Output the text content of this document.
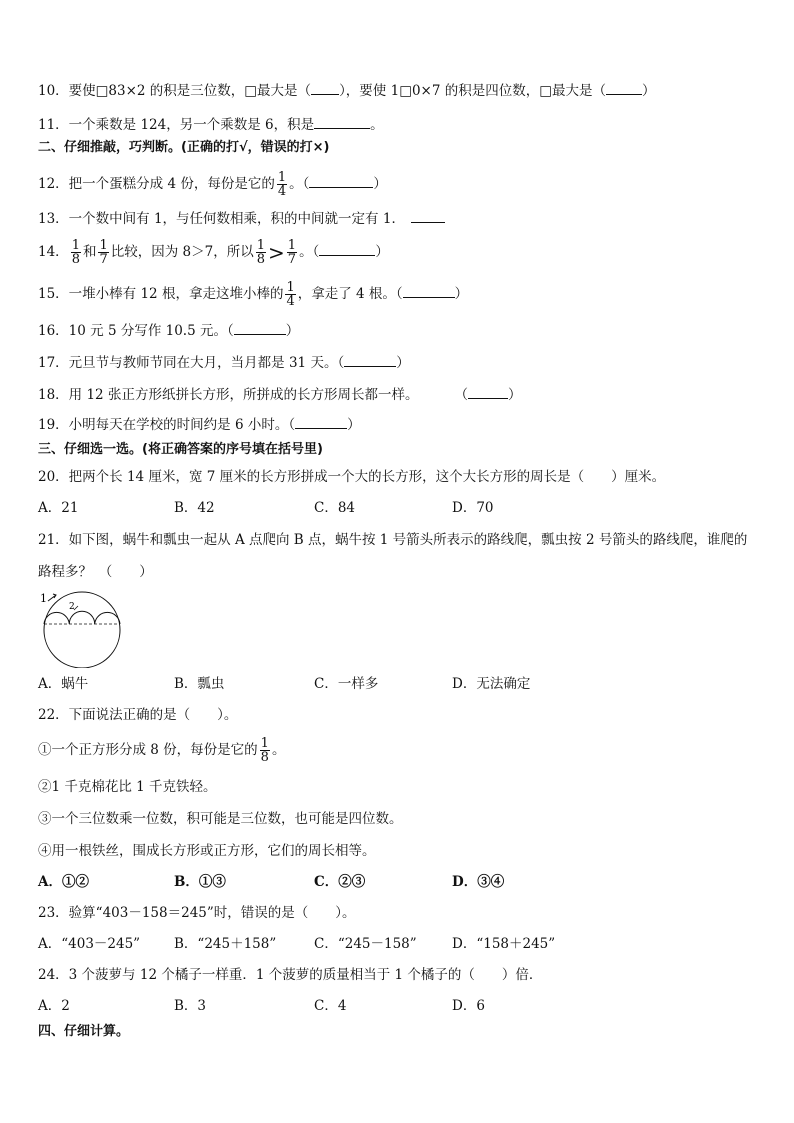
10．要使□83×2 的积是三位数，□最大是（ ），要使 1□0×7 的积是四位数，□最大是（	）
11．一个乘数是 124，另一个乘数是 6，积是	。
二、仔细推敲，巧判断。(正确的打√，错误的打×)
12．把一个蛋糕分成 4 份，每份是它的 $\frac{1}{4}$ 。（	）
13．一个数中间有 1，与任何数相乘，积的中间就一定有 1．
14． $\frac{1}{8}$ 和 $\frac{1}{7}$ 比较，因为 8＞7，所以 $\frac{1}{8} > \frac{1}{7}$ 。（	）
15．一堆小棒有 12 根，拿走这堆小棒的 $\frac{1}{4}$ ，拿走了 4 根。（	）
16．10 元 5 分写作 10.5 元。（	）
17．元旦节与教师节同在大月，当月都是 31 天。（	）
18．用 12 张正方形纸拼长方形，所拼成的长方形周长都一样。	（	）
19．小明每天在学校的时间约是 6 小时。（	）
三、仔细选一选。(将正确答案的序号填在括号里)
20．把两个长 14 厘米，宽 7 厘米的长方形拼成一个大的长方形，这个大长方形的周长是（　　）厘米。
A．21	B．42	C．84	D．70
21．如下图，蜗牛和瓢虫一起从 A 点爬向 B 点，蜗牛按 1 号箭头所表示的路线爬，瓢虫按 2 号箭头的路线爬，谁爬的
路程多？　（　　）
1
2
A．蜗牛	B．瓢虫	C．一样多	D．无法确定
22．下面说法正确的是（　　）。
①一个正方形分成 8 份，每份是它的 $\frac{1}{8}$ 。
②1 千克棉花比 1 千克铁轻。
③一个三位数乘一位数，积可能是三位数，也可能是四位数。
④用一根铁丝，围成长方形或正方形，它们的周长相等。
A．①②	B．①③	C．②③	D．③④
23．验算“403－158＝245”时，错误的是（　　）。
A．“403－245”	B．“245＋158”	C．“245－158”	D．“158＋245”
24．3 个菠萝与 12 个橘子一样重．1 个菠萝的质量相当于 1 个橘子的（　　）倍．
A．2	B．3	C．4	D．6
四、仔细计算。
